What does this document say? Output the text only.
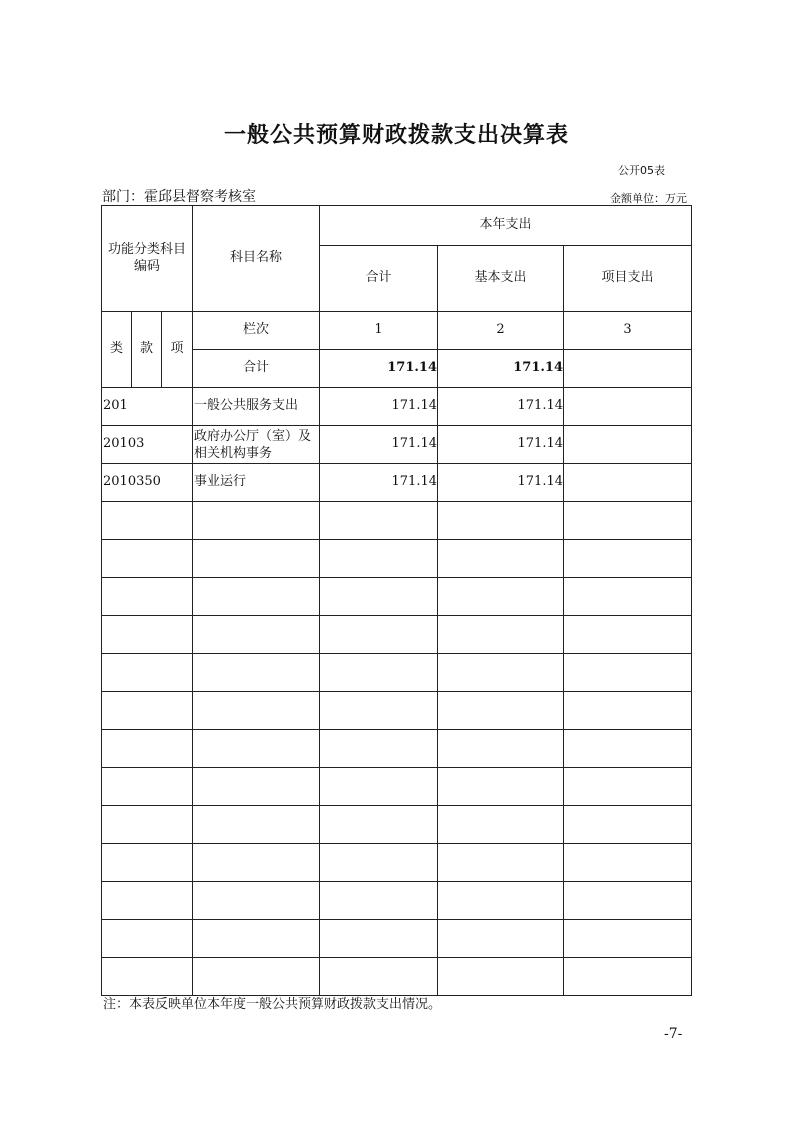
一般公共预算财政拨款支出决算表
公开05表
部门：霍邱县督察考核室	金额单位：万元
功能分类科目编码			科目名称	本年支出		
				合计	基本支出	项目支出
类	款	项	栏次	1	2	3
			合计	171.14	171.14	
201			一般公共服务支出	171.14	171.14	
20103			政府办公厅（室）及相关机构事务	171.14	171.14	
2010350			事业运行	171.14	171.14	

注：本表反映单位本年度一般公共预算财政拨款支出情况。
-7-
